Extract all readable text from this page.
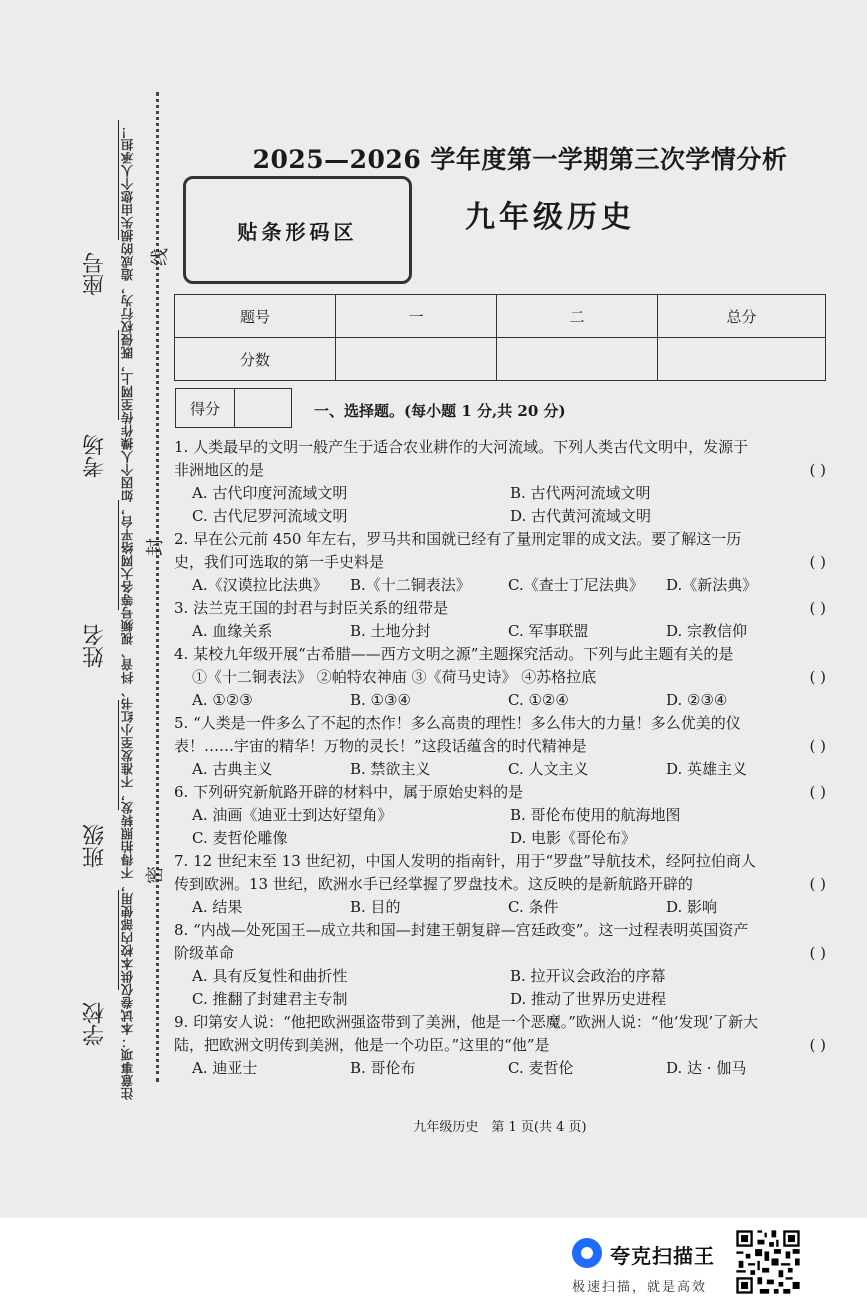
注意事项：本试卷仅供本校内部使用，不得拍照转发，不准发至小红书、抖音、视频号等各大网络平台，如因个人操作传至网上，既侵权行为，造成的损失由您个人承担！ 线
封
密
座号
考场
姓名
班级
学校
2025—2026 学年度第一学期第三次学情分析
贴条形码区	九年级历史
题号	一	二	总分
分数			
得分	一、选择题。(每小题 1 分,共 20 分)
1. 人类最早的文明一般产生于适合农业耕作的大河流域。下列人类古代文明中，发源于非洲地区的是	( )
A. 古代印度河流域文明	B. 古代两河流域文明
C. 古代尼罗河流域文明	D. 古代黄河流域文明
2. 早在公元前 450 年左右，罗马共和国就已经有了量刑定罪的成文法。要了解这一历史，我们可选取的第一手史料是	( )
A.《汉谟拉比法典》	B.《十二铜表法》	C.《查士丁尼法典》	D.《新法典》
3. 法兰克王国的封君与封臣关系的纽带是	( )
A. 血缘关系	B. 土地分封	C. 军事联盟	D. 宗教信仰
4. 某校九年级开展“古希腊——西方文明之源”主题探究活动。下列与此主题有关的是
( )
①《十二铜表法》 ②帕特农神庙 ③《荷马史诗》 ④苏格拉底
A. ①②③	B. ①③④	C. ①②④	D. ②③④
5. “人类是一件多么了不起的杰作！多么高贵的理性！多么伟大的力量！多么优美的仪表！……宇宙的精华！万物的灵长！”这段话蕴含的时代精神是	( )
A. 古典主义	B. 禁欲主义	C. 人文主义	D. 英雄主义
6. 下列研究新航路开辟的材料中，属于原始史料的是	( )
A. 油画《迪亚士到达好望角》	B. 哥伦布使用的航海地图
C. 麦哲伦雕像	D. 电影《哥伦布》
7. 12 世纪末至 13 世纪初，中国人发明的指南针，用于“罗盘”导航技术，经阿拉伯商人传到欧洲。13 世纪，欧洲水手已经掌握了罗盘技术。这反映的是新航路开辟的	( )
A. 结果	B. 目的	C. 条件	D. 影响
8. “内战—处死国王—成立共和国—封建王朝复辟—宫廷政变”。这一过程表明英国资产阶级革命	( )
A. 具有反复性和曲折性	B. 拉开议会政治的序幕
C. 推翻了封建君主专制	D. 推动了世界历史进程
9. 印第安人说：“他把欧洲强盗带到了美洲，他是一个恶魔。”欧洲人说：“他‘发现’了新大陆，把欧洲文明传到美洲，他是一个功臣。”这里的“他”是	( )
A. 迪亚士	B. 哥伦布	C. 麦哲伦	D. 达 · 伽马
九年级历史　第 1 页(共 4 页)
夸克扫描王
极速扫描，就是高效
